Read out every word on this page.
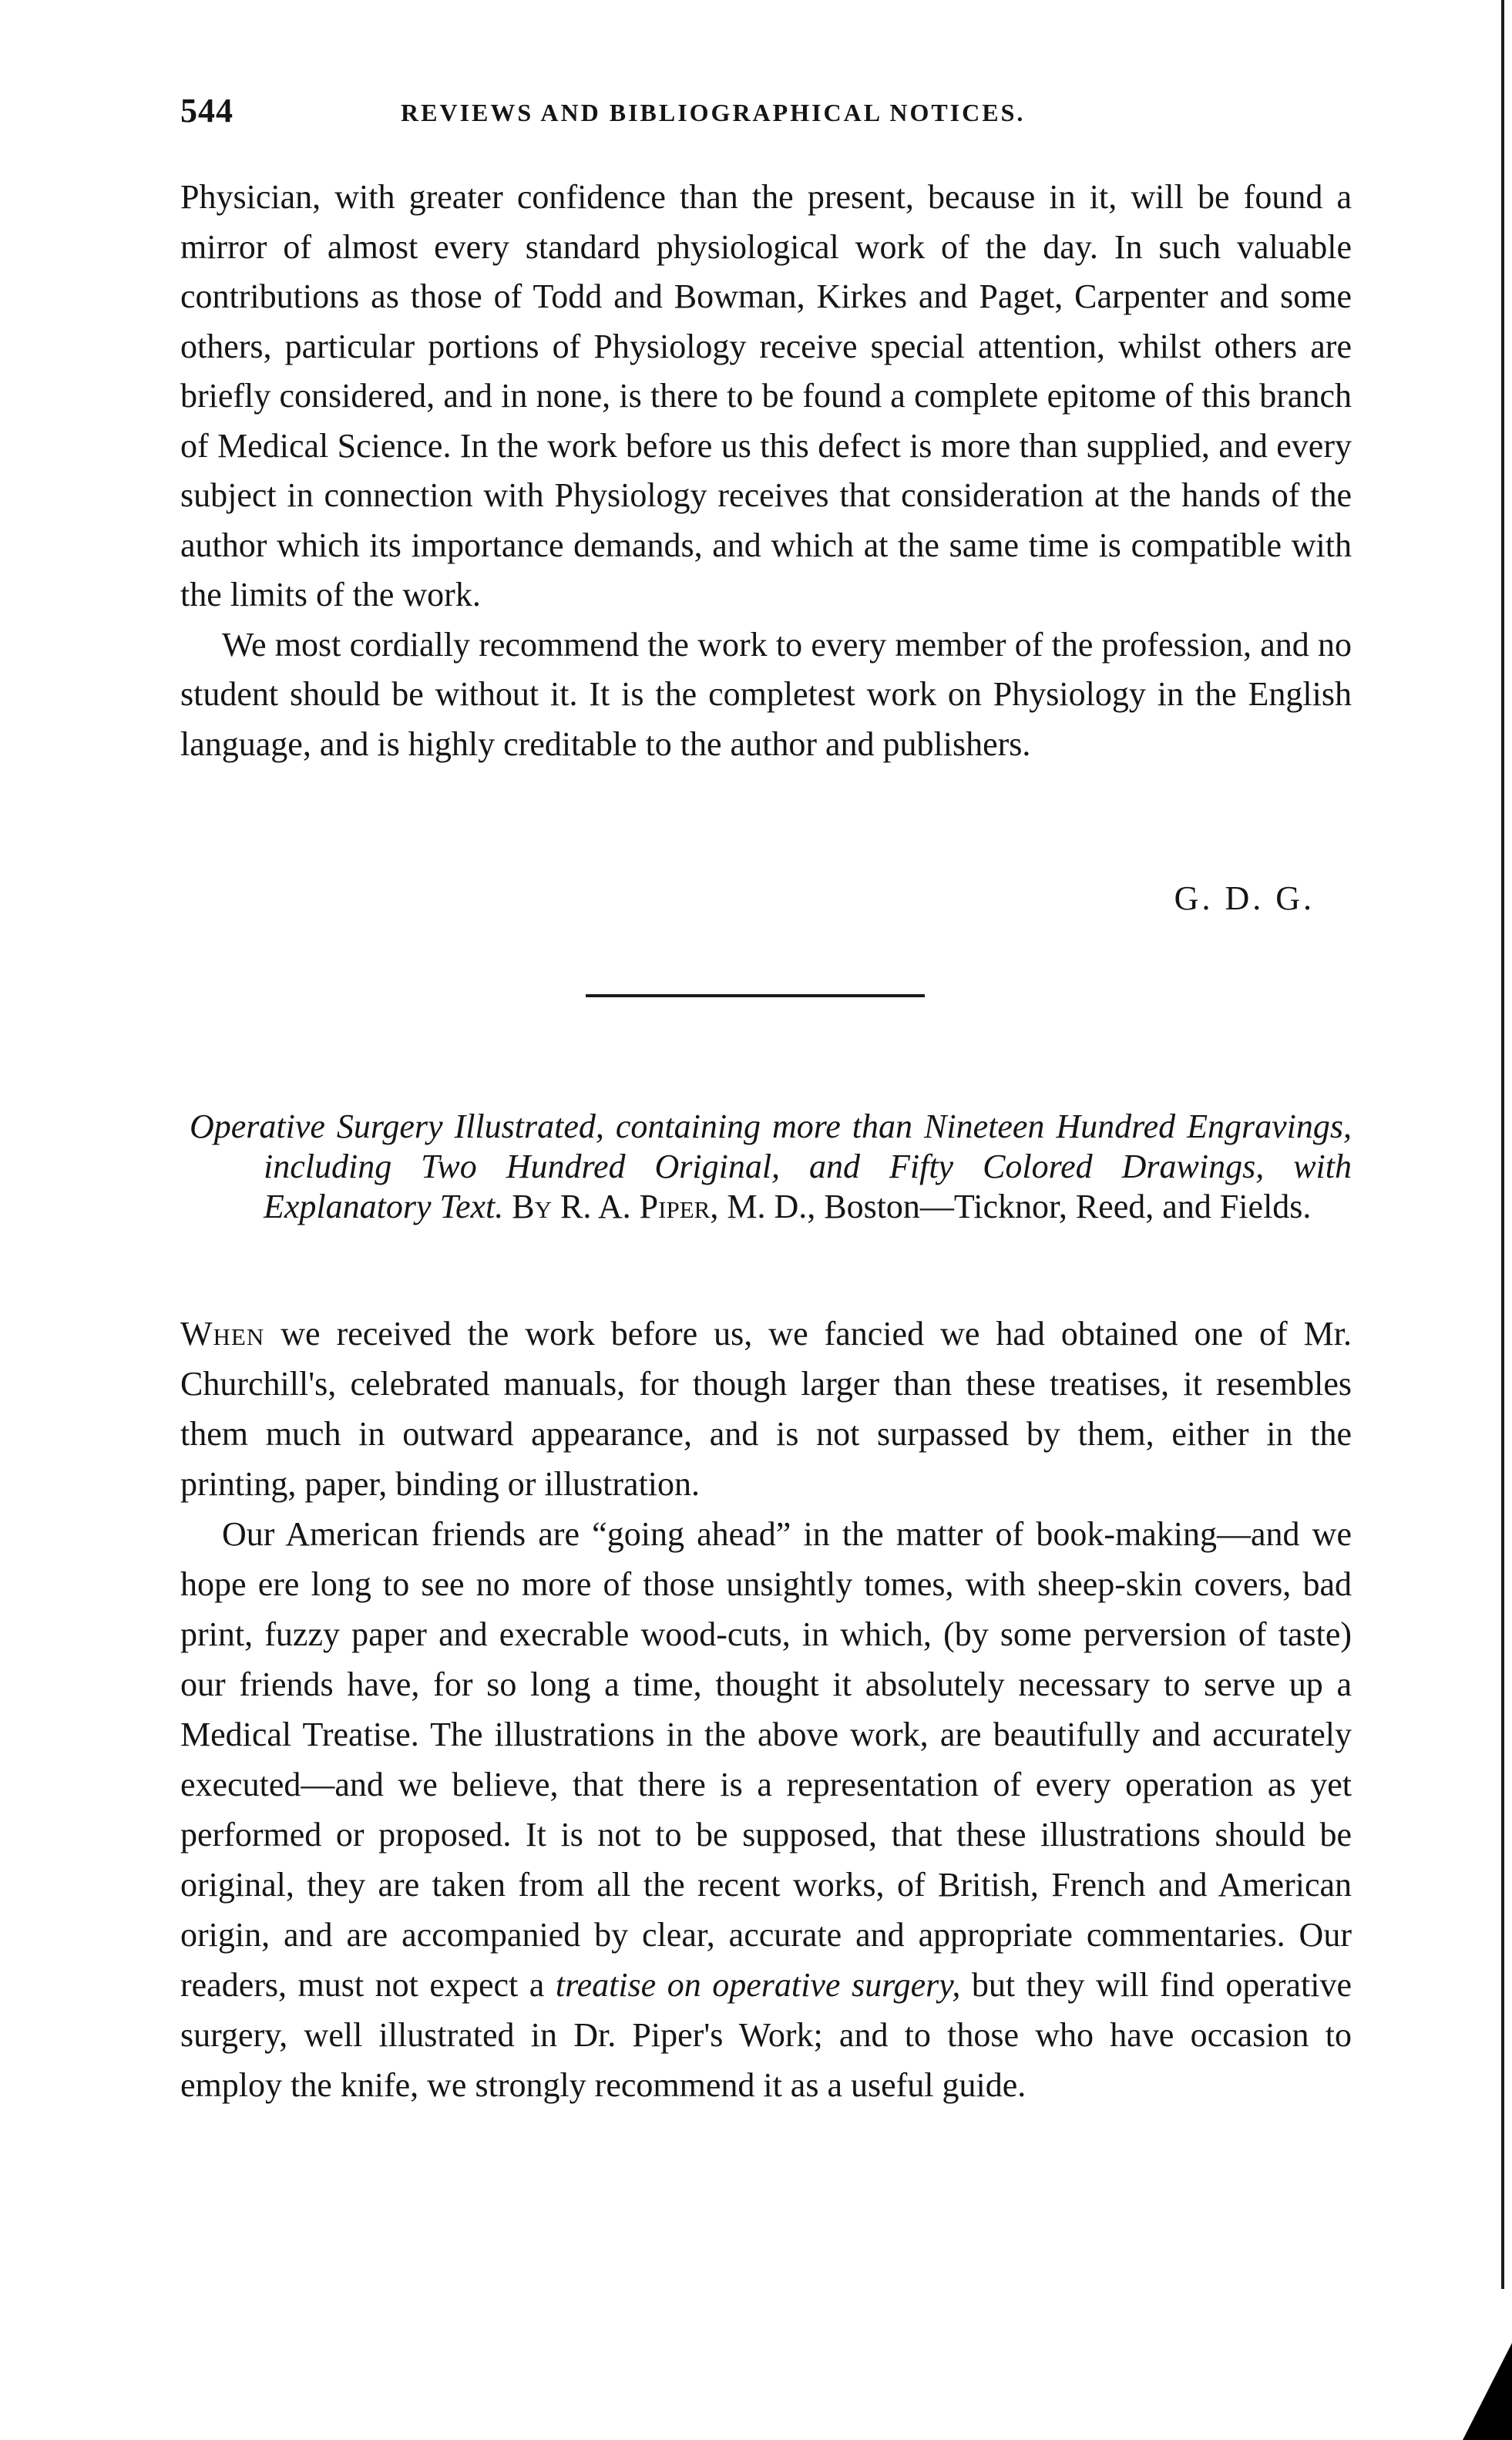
544	REVIEWS AND BIBLIOGRAPHICAL NOTICES.

Physician, with greater confidence than the present, because in it, will be found a mirror of almost every standard physiological work of the day. In such valuable contributions as those of Todd and Bowman, Kirkes and Paget, Carpenter and some others, particular portions of Physiology receive special attention, whilst others are briefly considered, and in none, is there to be found a complete epitome of this branch of Medical Science. In the work before us this defect is more than supplied, and every subject in connection with Physiology receives that consideration at the hands of the author which its importance demands, and which at the same time is compatible with the limits of the work.

We most cordially recommend the work to every member of the profession, and no student should be without it. It is the completest work on Physiology in the English language, and is highly creditable to the author and publishers.

G. D. G.

Operative Surgery Illustrated, containing more than Nineteen Hundred Engravings, including Two Hundred Original, and Fifty Colored Drawings, with Explanatory Text. By R. A. Piper, M. D., Boston—Ticknor, Reed, and Fields.

When we received the work before us, we fancied we had obtained one of Mr. Churchill's, celebrated manuals, for though larger than these treatises, it resembles them much in outward appearance, and is not surpassed by them, either in the printing, paper, binding or illustration.

Our American friends are “going ahead” in the matter of book-making—and we hope ere long to see no more of those unsightly tomes, with sheep-skin covers, bad print, fuzzy paper and execrable wood-cuts, in which, (by some perversion of taste) our friends have, for so long a time, thought it absolutely necessary to serve up a Medical Treatise. The illustrations in the above work, are beautifully and accurately executed—and we believe, that there is a representation of every operation as yet performed or proposed. It is not to be supposed, that these illustrations should be original, they are taken from all the recent works, of British, French and American origin, and are accompanied by clear, accurate and appropriate commentaries. Our readers, must not expect a treatise on operative surgery, but they will find operative surgery, well illustrated in Dr. Piper's Work; and to those who have occasion to employ the knife, we strongly recommend it as a useful guide.
